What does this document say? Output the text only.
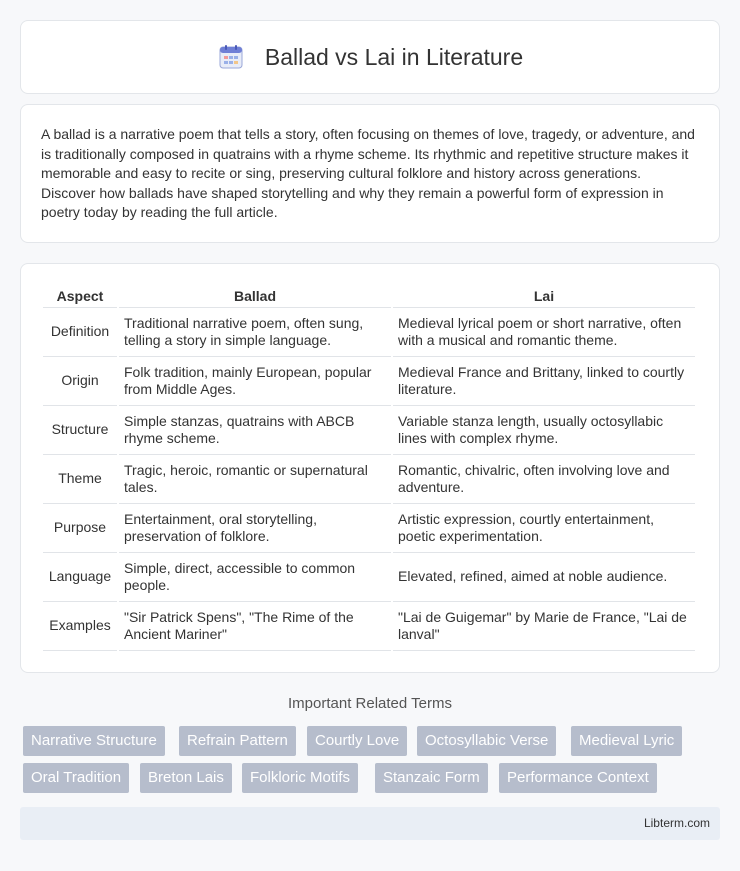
Ballad vs Lai in Literature

A ballad is a narrative poem that tells a story, often focusing on themes of love, tragedy, or adventure, and is traditionally composed in quatrains with a rhyme scheme. Its rhythmic and repetitive structure makes it memorable and easy to recite or sing, preserving cultural folklore and history across generations. Discover how ballads have shaped storytelling and why they remain a powerful form of expression in poetry today by reading the full article.

Aspect	Ballad	Lai
Definition	Traditional narrative poem, often sung, telling a story in simple language.	Medieval lyrical poem or short narrative, often with a musical and romantic theme.
Origin	Folk tradition, mainly European, popular from Middle Ages.	Medieval France and Brittany, linked to courtly literature.
Structure	Simple stanzas, quatrains with ABCB rhyme scheme.	Variable stanza length, usually octosyllabic lines with complex rhyme.
Theme	Tragic, heroic, romantic or supernatural tales.	Romantic, chivalric, often involving love and adventure.
Purpose	Entertainment, oral storytelling, preservation of folklore.	Artistic expression, courtly entertainment, poetic experimentation.
Language	Simple, direct, accessible to common people.	Elevated, refined, aimed at noble audience.
Examples	"Sir Patrick Spens", "The Rime of the Ancient Mariner"	"Lai de Guigemar" by Marie de France, "Lai de lanval"
Important Related Terms
Narrative Structure	Refrain Pattern	Courtly Love	Octosyllabic Verse	Medieval Lyric
Oral Tradition	Breton Lais	Folkloric Motifs	Stanzaic Form	Performance Context
Libterm.com
